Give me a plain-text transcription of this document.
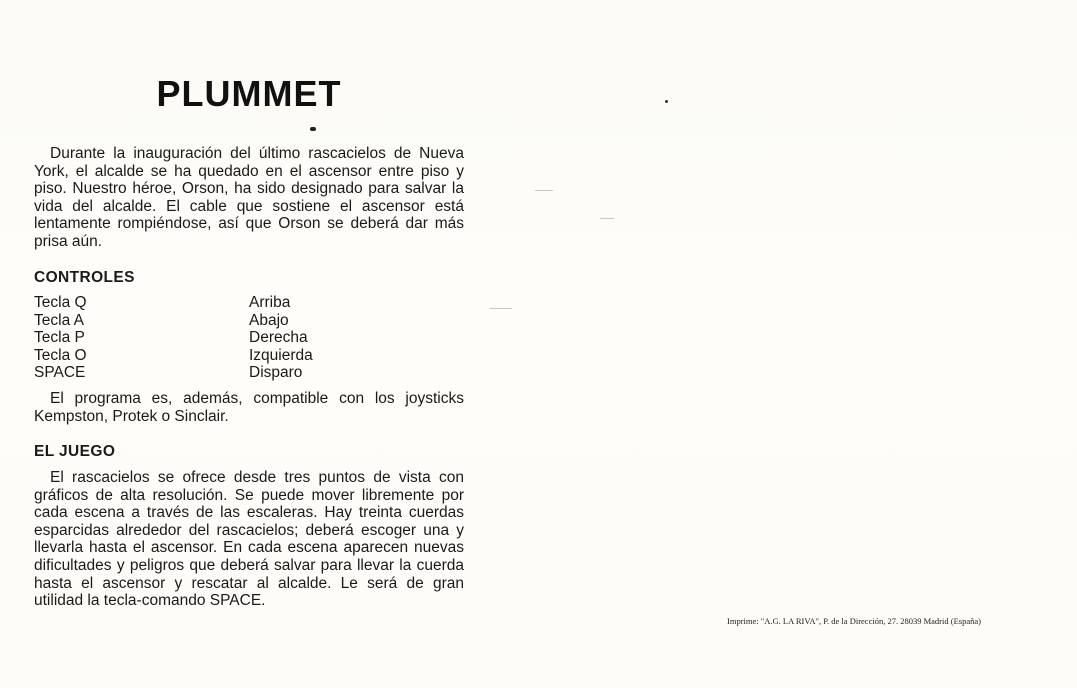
PLUMMET
Durante la inauguración del último rascacielos de Nueva York, el alcalde se ha quedado en el ascensor entre piso y piso. Nuestro héroe, Orson, ha sido designado para salvar la vida del alcalde. El cable que sostiene el ascensor está lentamente rompiéndose, así que Orson se deberá dar más prisa aún.
CONTROLES
Tecla Q	Arriba
Tecla A	Abajo
Tecla P	Derecha
Tecla O	Izquierda
SPACE	Disparo
El programa es, además, compatible con los joysticks Kempston, Protek o Sinclair.
EL JUEGO
El rascacielos se ofrece desde tres puntos de vista con gráficos de alta resolución. Se puede mover libremente por cada escena a través de las escaleras. Hay treinta cuerdas esparcidas alrededor del rascacielos; deberá escoger una y llevarla hasta el ascensor. En cada escena aparecen nuevas dificultades y peligros que deberá salvar para llevar la cuerda hasta el ascensor y rescatar al alcalde. Le será de gran utilidad la tecla-comando SPACE.
Imprime: "A.G. LA RIVA", P. de la Dirección, 27. 28039 Madrid (España)
